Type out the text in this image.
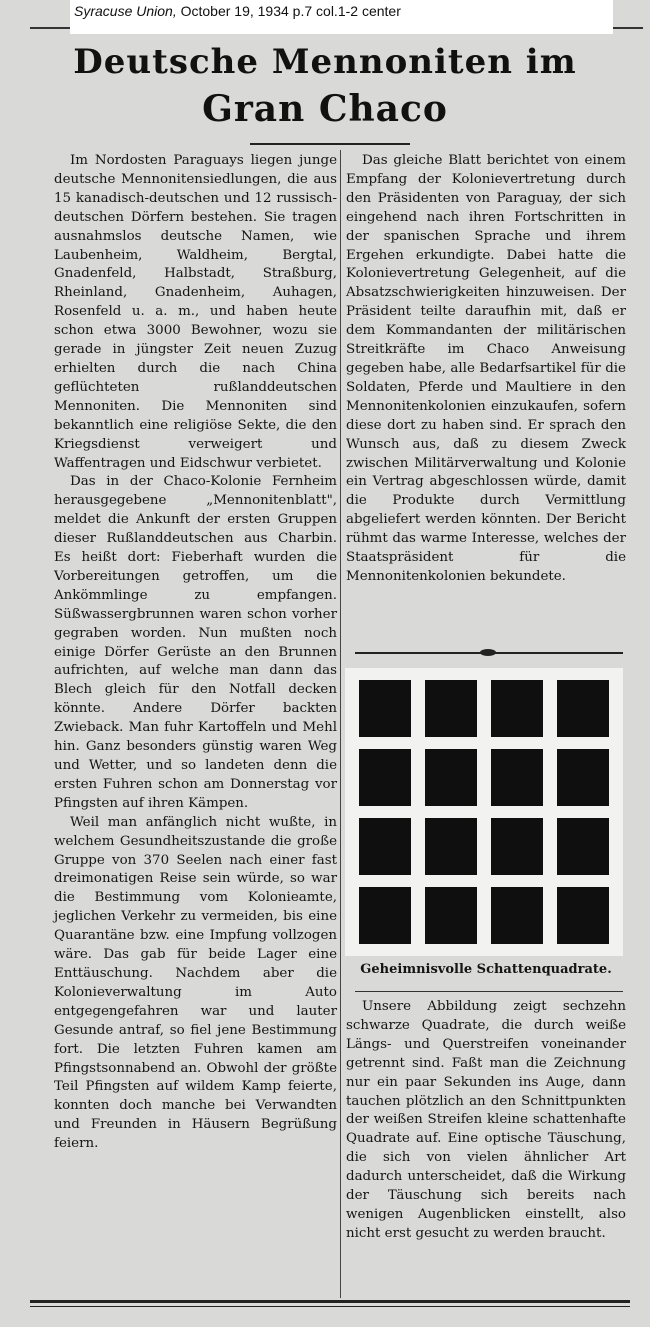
Syracuse Union, October 19, 1934 p.7 col.1-2 center
Deutsche Mennoniten im
Gran Chaco

Im Nordosten Paraguays liegen junge deutsche Mennonitensiedlungen, die aus 15 kanadisch-deutschen und 12 russisch-deutschen Dörfern bestehen. Sie tragen ausnahmslos deutsche Namen, wie Laubenheim, Waldheim, Bergtal, Gnadenfeld, Halbstadt, Straßburg, Rheinland, Gnadenheim, Auhagen, Rosenfeld u. a. m., und haben heute schon etwa 3000 Bewohner, wozu sie gerade in jüngster Zeit neuen Zuzug erhielten durch die nach China geflüchteten rußlanddeutschen Mennoniten. Die Mennoniten sind bekanntlich eine religiöse Sekte, die den Kriegsdienst verweigert und Waffentragen und Eidschwur verbietet.

Das in der Chaco-Kolonie Fernheim herausgegebene „Mennonitenblatt", meldet die Ankunft der ersten Gruppen dieser Rußlanddeutschen aus Charbin. Es heißt dort: Fieberhaft wurden die Vorbereitungen getroffen, um die Ankömmlinge zu empfangen. Süßwassergbrunnen waren schon vorher gegraben worden. Nun mußten noch einige Dörfer Gerüste an den Brunnen aufrichten, auf welche man dann das Blech gleich für den Notfall decken könnte. Andere Dörfer backten Zwieback. Man fuhr Kartoffeln und Mehl hin. Ganz besonders günstig waren Weg und Wetter, und so landeten denn die ersten Fuhren schon am Donnerstag vor Pfingsten auf ihren Kämpen.

Weil man anfänglich nicht wußte, in welchem Gesundheitszustande die große Gruppe von 370 Seelen nach einer fast dreimonatigen Reise sein würde, so war die Bestimmung vom Kolonieamte, jeglichen Verkehr zu vermeiden, bis eine Quarantäne bzw. eine Impfung vollzogen wäre. Das gab für beide Lager eine Enttäuschung. Nachdem aber die Kolonieverwaltung im Auto entgegengefahren war und lauter Gesunde antraf, so fiel jene Bestimmung fort. Die letzten Fuhren kamen am Pfingstsonnabend an. Obwohl der größte Teil Pfingsten auf wildem Kamp feierte, konnten doch manche bei Verwandten und Freunden in Häusern Begrüßung feiern.

Das gleiche Blatt berichtet von einem Empfang der Kolonievertretung durch den Präsidenten von Paraguay, der sich eingehend nach ihren Fortschritten in der spanischen Sprache und ihrem Ergehen erkundigte. Dabei hatte die Kolonievertretung Gelegenheit, auf die Absatzschwierigkeiten hinzuweisen. Der Präsident teilte daraufhin mit, daß er dem Kommandanten der militärischen Streitkräfte im Chaco Anweisung gegeben habe, alle Bedarfsartikel für die Soldaten, Pferde und Maultiere in den Mennonitenkolonien einzukaufen, sofern diese dort zu haben sind. Er sprach den Wunsch aus, daß zu diesem Zweck zwischen Militärverwaltung und Kolonie ein Vertrag abgeschlossen würde, damit die Produkte durch Vermittlung abgeliefert werden könnten. Der Bericht rühmt das warme Interesse, welches der Staatspräsident für die Mennonitenkolonien bekundete.

Geheimnisvolle Schattenquadrate.

Unsere Abbildung zeigt sechzehn schwarze Quadrate, die durch weiße Längs- und Querstreifen voneinander getrennt sind. Faßt man die Zeichnung nur ein paar Sekunden ins Auge, dann tauchen plötzlich an den Schnittpunkten der weißen Streifen kleine schattenhafte Quadrate auf. Eine optische Täuschung, die sich von vielen ähnlicher Art dadurch unterscheidet, daß die Wirkung der Täuschung sich bereits nach wenigen Augenblicken einstellt, also nicht erst gesucht zu werden braucht.
